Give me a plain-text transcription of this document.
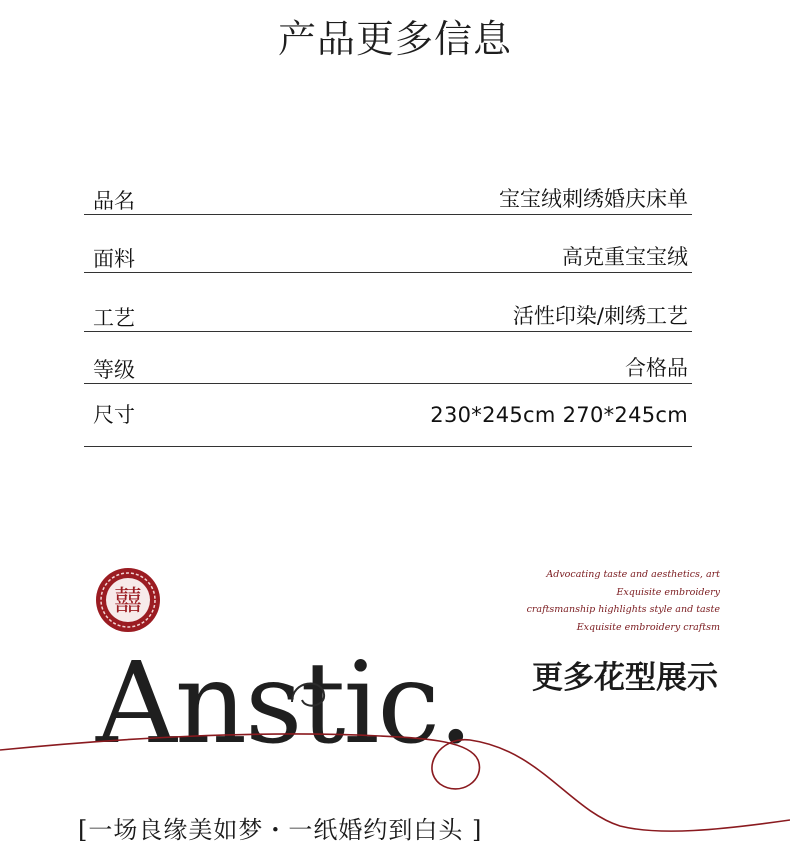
产品更多信息
品名	宝宝绒刺绣婚庆床单
面料	高克重宝宝绒
工艺	活性印染/刺绣工艺
等级	合格品
尺寸	230*245cm 270*245cm
囍
Advocating taste and aesthetics, art
Exquisite embroidery
craftsmanship highlights style and taste
Exquisite embroidery craftsm
更多花型展示
Anstic.
[一场良缘美如梦・一纸婚约到白头 ]
